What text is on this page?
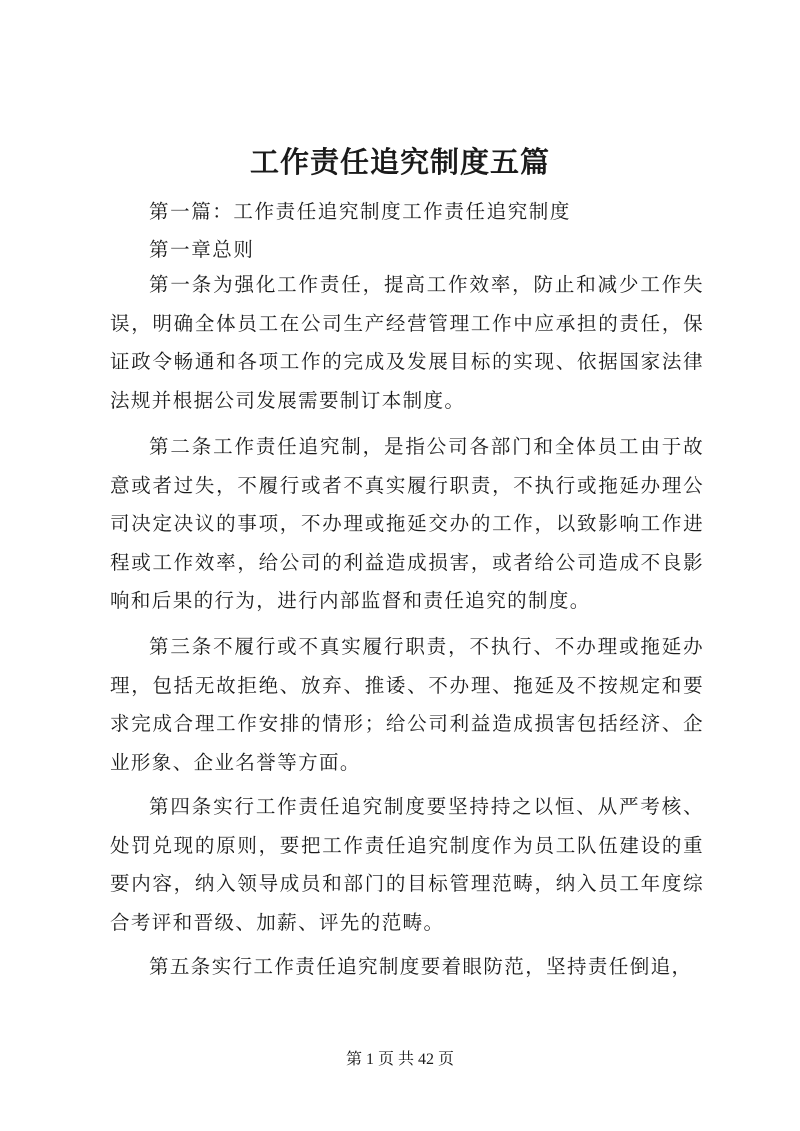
工作责任追究制度五篇
第一篇：工作责任追究制度工作责任追究制度
第一章总则
第一条为强化工作责任，提高工作效率，防止和减少工作失误，明确全体员工在公司生产经营管理工作中应承担的责任，保证政令畅通和各项工作的完成及发展目标的实现、依据国家法律法规并根据公司发展需要制订本制度。
第二条工作责任追究制，是指公司各部门和全体员工由于故意或者过失，不履行或者不真实履行职责，不执行或拖延办理公司决定决议的事项，不办理或拖延交办的工作，以致影响工作进程或工作效率，给公司的利益造成损害，或者给公司造成不良影响和后果的行为，进行内部监督和责任追究的制度。
第三条不履行或不真实履行职责，不执行、不办理或拖延办理，包括无故拒绝、放弃、推诿、不办理、拖延及不按规定和要求完成合理工作安排的情形；给公司利益造成损害包括经济、企业形象、企业名誉等方面。
第四条实行工作责任追究制度要坚持持之以恒、从严考核、处罚兑现的原则，要把工作责任追究制度作为员工队伍建设的重要内容，纳入领导成员和部门的目标管理范畴，纳入员工年度综合考评和晋级、加薪、评先的范畴。
第五条实行工作责任追究制度要着眼防范，坚持责任倒追，
第 1 页 共 42 页
